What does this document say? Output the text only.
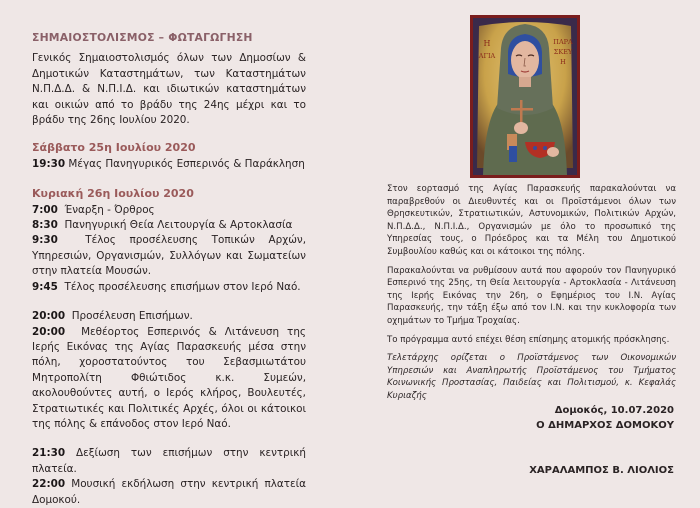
ΣΗΜΑΙΟΣΤΟΛΙΣΜΟΣ – ΦΩΤΑΓΩΓΗΣΗ

Γενικός Σημαιοστολισμός όλων των Δημοσίων & Δημοτικών Καταστημάτων, των Καταστημάτων Ν.Π.Δ.Δ. & Ν.Π.Ι.Δ. και ιδιωτικών καταστημάτων και οικιών από το βράδυ της 24ης μέχρι και το βράδυ της 26ης Ιουλίου 2020.

Σάββατο 25η Ιουλίου 2020
19:30 Μέγας Πανηγυρικός Εσπερινός & Παράκληση
Κυριακή 26η Ιουλίου 2020
7:00 Έναρξη - Όρθρος
8:30 Πανηγυρική Θεία Λειτουργία & Αρτοκλασία
9:30	Τέλος προσέλευσης Τοπικών Αρχών, Υπηρεσιών, Οργανισμών, Συλλόγων και Σωματείων στην πλατεία Μουσών.
9:45 Τέλος προσέλευσης επισήμων στον Ιερό Ναό.
20:00 Προσέλευση Επισήμων.
20:00 Μεθέορτος Εσπερινός & Λιτάνευση της Ιερής Εικόνας της Αγίας Παρασκευής μέσα στην πόλη, χοροστατούντος του Σεβασμιωτάτου Μητροπολίτη Φθιώτιδος κ.κ. Συμεών, ακολουθούντες αυτή, ο Ιερός κλήρος, Βουλευτές, Στρατιωτικές και Πολιτικές Αρχές, όλοι οι κάτοικοι της πόλης & επάνοδος στον Ιερό Ναό.
21:30 Δεξίωση των επισήμων στην κεντρική πλατεία.
22:00 Μουσική εκδήλωση στην κεντρική πλατεία Δομοκού.
Η
ΑΓΙΑ
ΠΑΡΑ
ΣΚΕΥ
Η

Στον εορτασμό της Αγίας Παρασκευής παρακαλούνται να παραβρεθούν οι Διευθυντές και οι Προϊστάμενοι όλων των Θρησκευτικών, Στρατιωτικών, Αστυνομικών, Πολιτικών Αρχών, Ν.Π.Δ.Δ., Ν.Π.Ι.Δ., Οργανισμών με όλο το προσωπικό της Υπηρεσίας τους, ο Πρόεδρος και τα Μέλη του Δημοτικού Συμβουλίου καθώς και οι κάτοικοι της πόλης.

Παρακαλούνται να ρυθμίσουν αυτά που αφορούν τον Πανηγυρικό Εσπερινό της 25ης, τη Θεία λειτουργία - Αρτοκλασία - Λιτάνευση της Ιερής Εικόνας την 26η, ο Εφημέριος του Ι.Ν. Αγίας Παρασκευής, την τάξη έξω από τον Ι.Ν. και την κυκλοφορία των οχημάτων το Τμήμα Τροχαίας.

Το πρόγραμμα αυτό επέχει θέση επίσημης ατομικής πρόσκλησης.

Τελετάρχης ορίζεται ο Προϊστάμενος των Οικονομικών Υπηρεσιών και Αναπληρωτής Προϊστάμενος του Τμήματος Κοινωνικής Προστασίας, Παιδείας και Πολιτισμού, κ. Κεφαλάς Κυριαζής

Δομοκός, 10.07.2020
Ο ΔΗΜΑΡΧΟΣ ΔΟΜΟΚΟΥ
ΧΑΡΑΛΑΜΠΟΣ Β. ΛΙΟΛΙΟΣ
